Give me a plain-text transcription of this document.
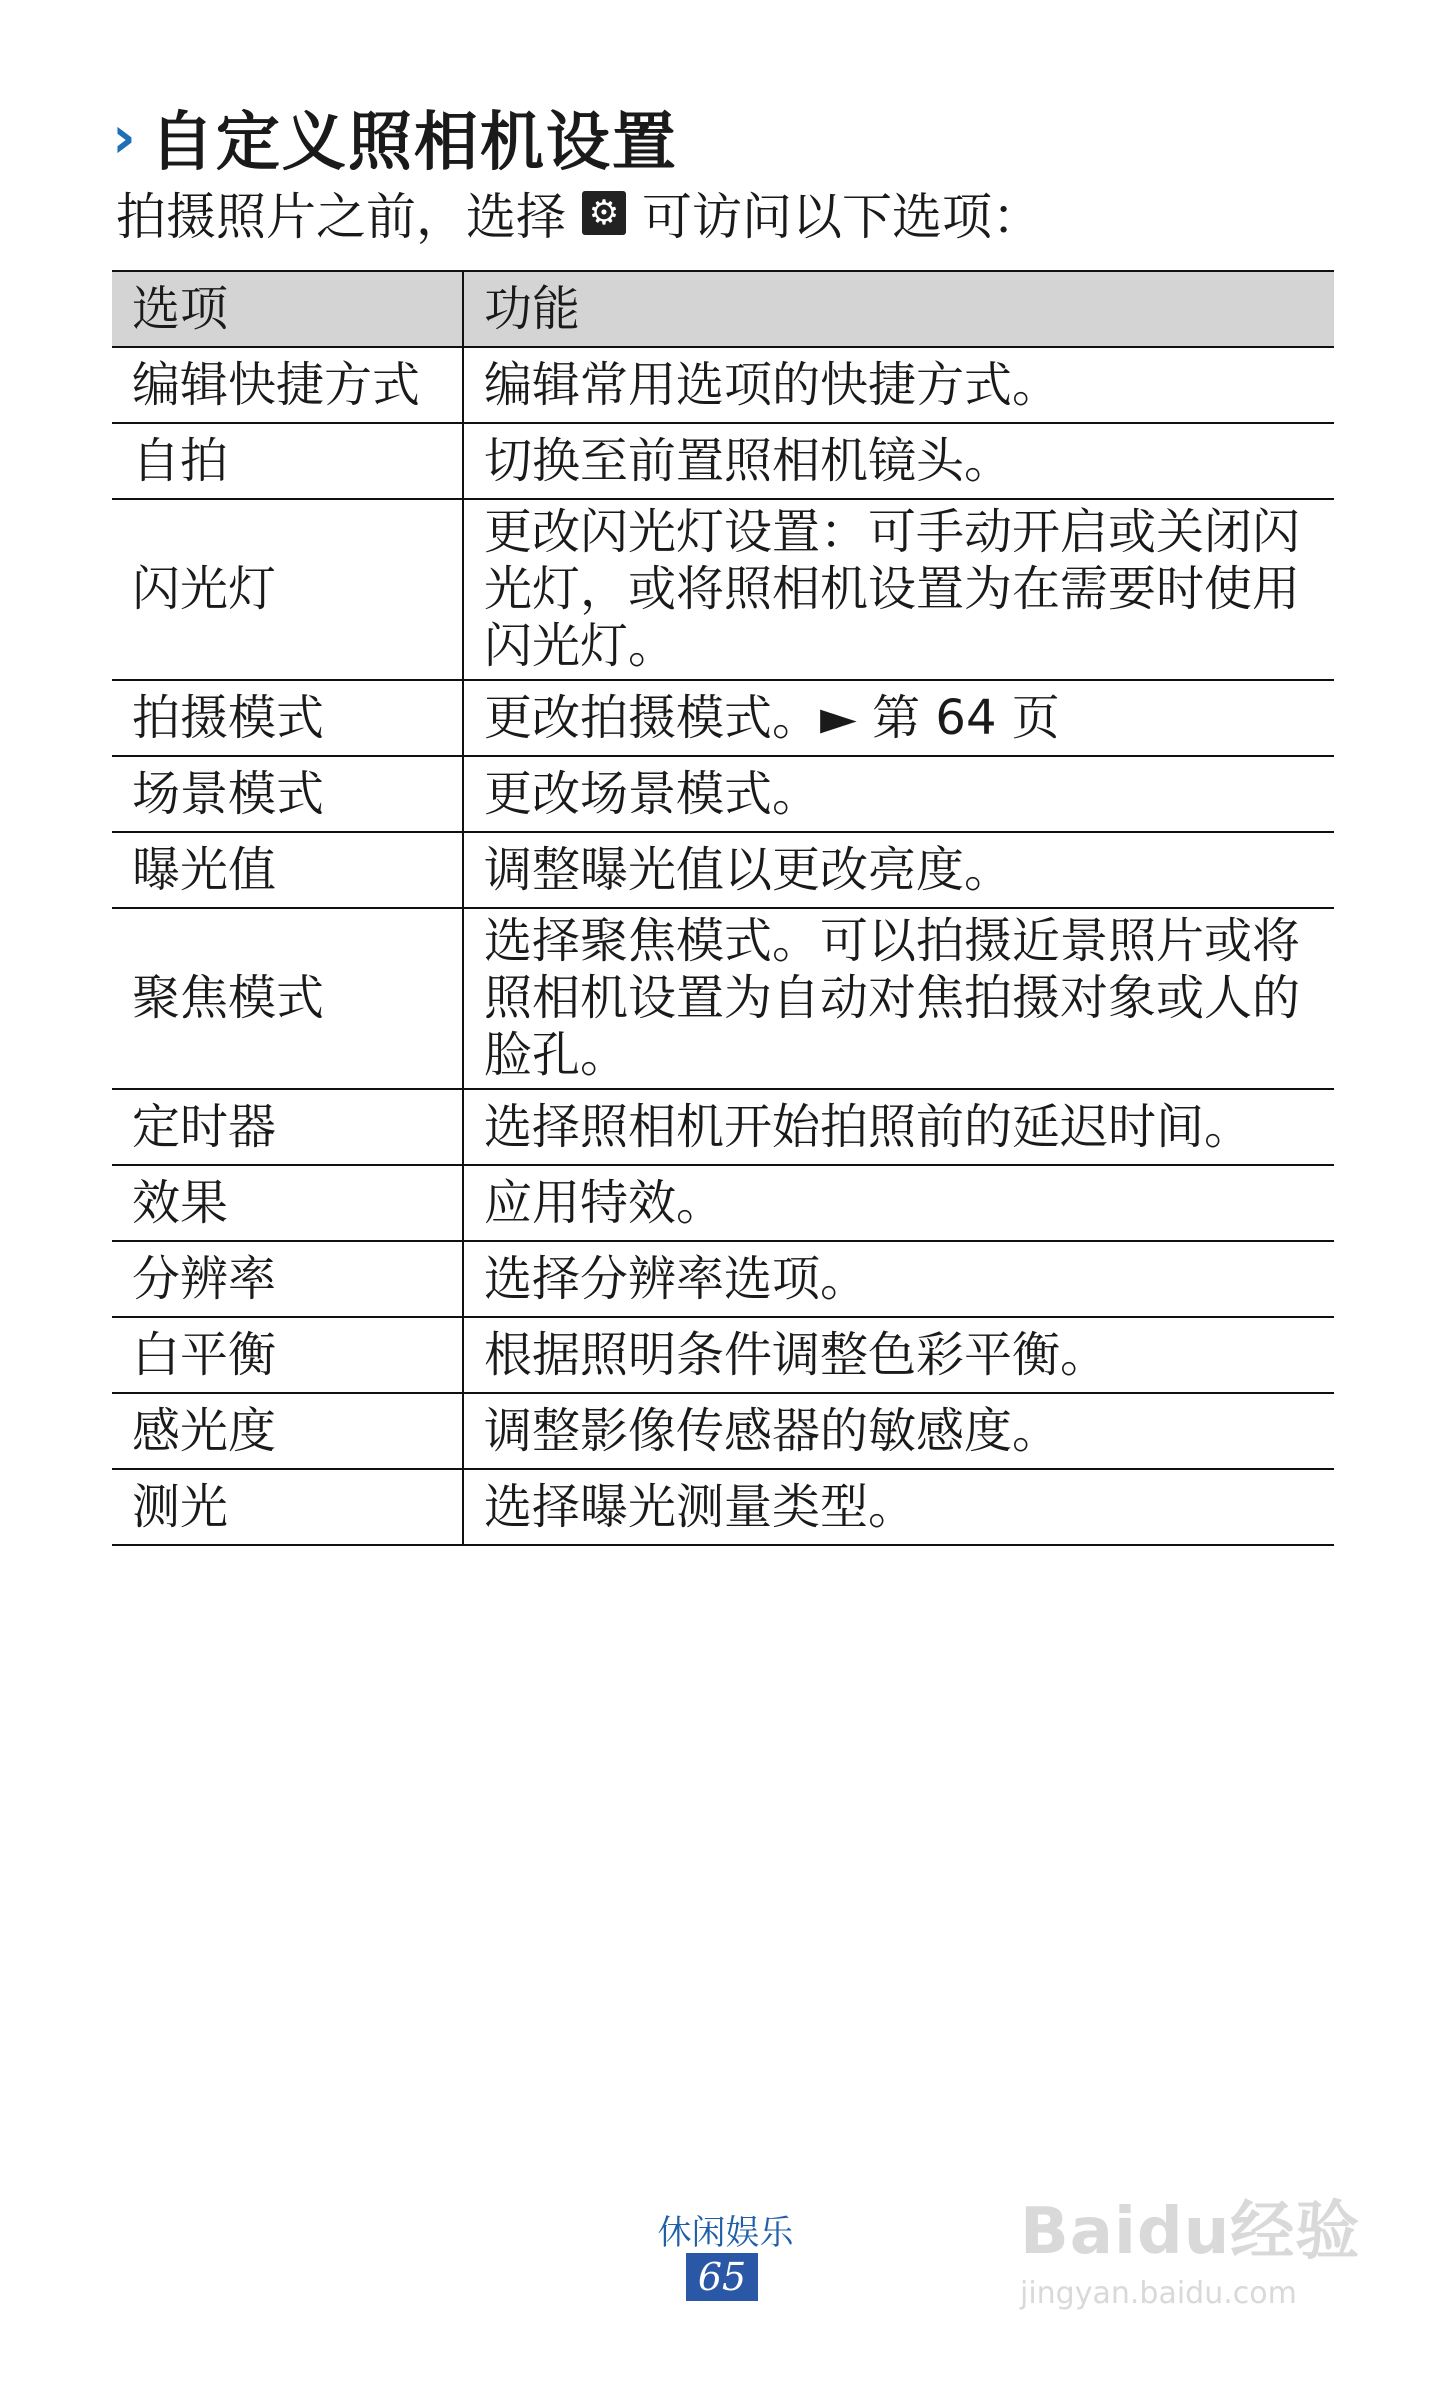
› 自定义照相机设置
拍摄照片之前，选择 ⚙ 可访问以下选项：
选项	功能
编辑快捷方式	编辑常用选项的快捷方式。
自拍	切换至前置照相机镜头。
闪光灯	更改闪光灯设置：可手动开启或关闭闪光灯，或将照相机设置为在需要时使用闪光灯。
拍摄模式	更改拍摄模式。► 第 64 页
场景模式	更改场景模式。
曝光值	调整曝光值以更改亮度。
聚焦模式	选择聚焦模式。可以拍摄近景照片或将照相机设置为自动对焦拍摄对象或人的脸孔。
定时器	选择照相机开始拍照前的延迟时间。
效果	应用特效。
分辨率	选择分辨率选项。
白平衡	根据照明条件调整色彩平衡。
感光度	调整影像传感器的敏感度。
测光	选择曝光测量类型。
休闲娱乐
65
Baidu经验
jingyan.baidu.com
